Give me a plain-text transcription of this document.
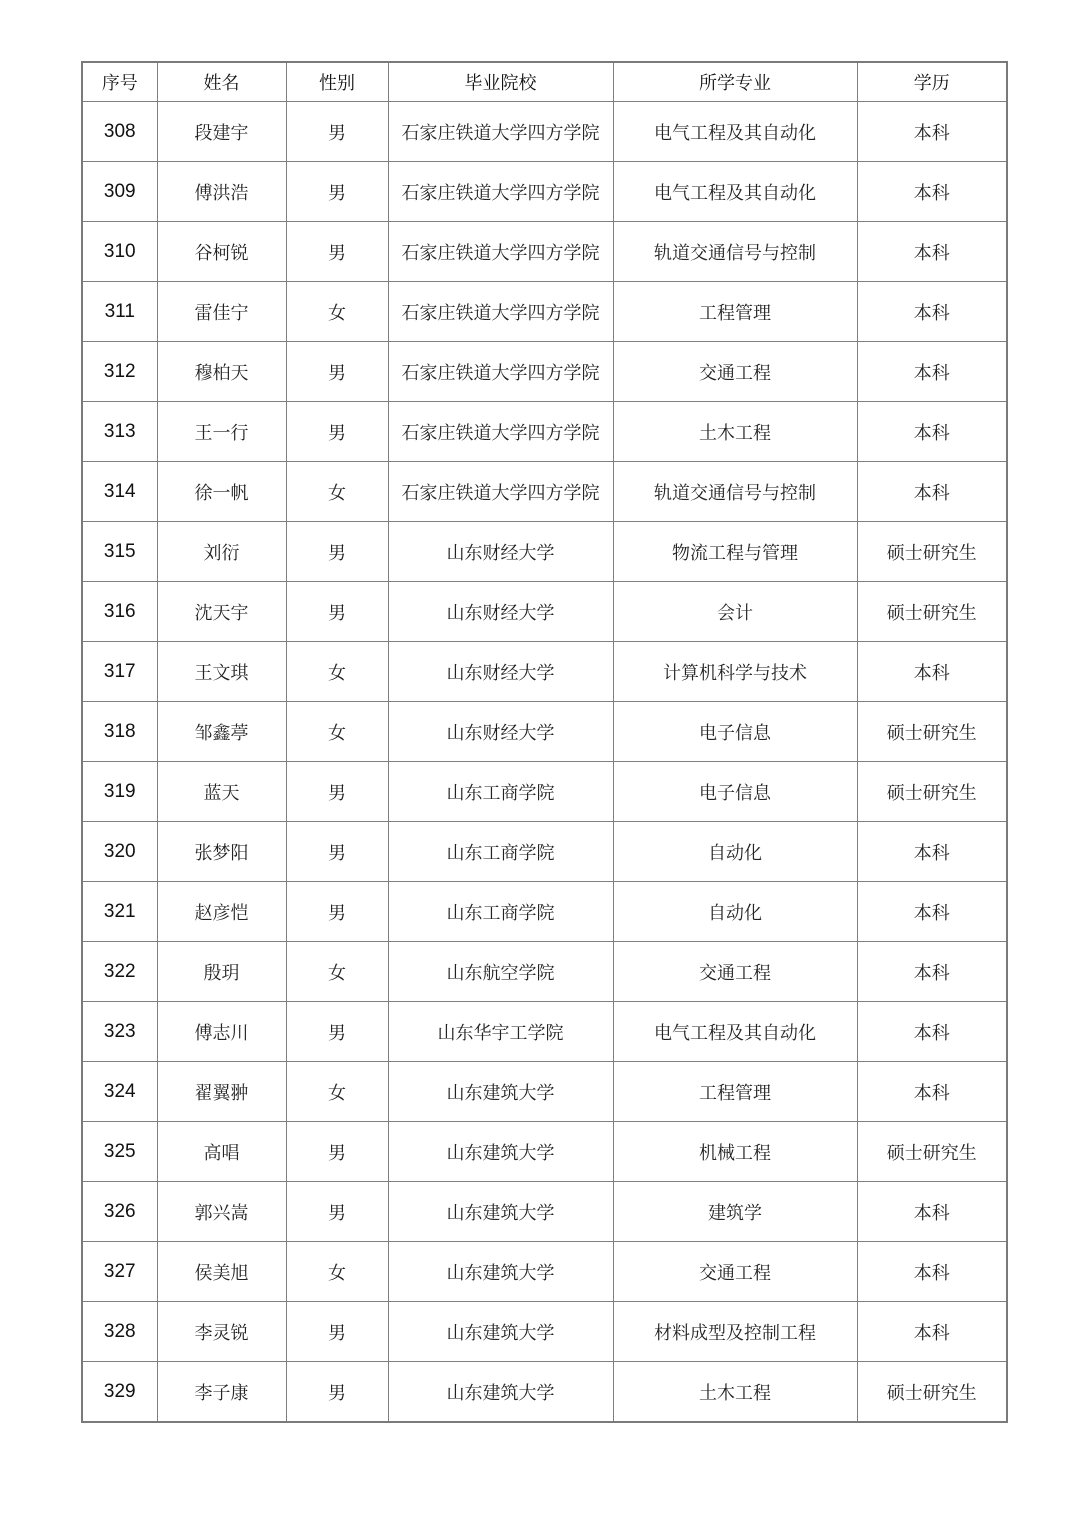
序号	姓名	性别	毕业院校	所学专业	学历
308	段建宇	男	石家庄铁道大学四方学院	电气工程及其自动化	本科
309	傅洪浩	男	石家庄铁道大学四方学院	电气工程及其自动化	本科
310	谷柯锐	男	石家庄铁道大学四方学院	轨道交通信号与控制	本科
311	雷佳宁	女	石家庄铁道大学四方学院	工程管理	本科
312	穆柏天	男	石家庄铁道大学四方学院	交通工程	本科
313	王一行	男	石家庄铁道大学四方学院	土木工程	本科
314	徐一帆	女	石家庄铁道大学四方学院	轨道交通信号与控制	本科
315	刘衍	男	山东财经大学	物流工程与管理	硕士研究生
316	沈天宇	男	山东财经大学	会计	硕士研究生
317	王文琪	女	山东财经大学	计算机科学与技术	本科
318	邹鑫葶	女	山东财经大学	电子信息	硕士研究生
319	蓝天	男	山东工商学院	电子信息	硕士研究生
320	张梦阳	男	山东工商学院	自动化	本科
321	赵彦恺	男	山东工商学院	自动化	本科
322	殷玥	女	山东航空学院	交通工程	本科
323	傅志川	男	山东华宇工学院	电气工程及其自动化	本科
324	翟翼翀	女	山东建筑大学	工程管理	本科
325	高唱	男	山东建筑大学	机械工程	硕士研究生
326	郭兴嵩	男	山东建筑大学	建筑学	本科
327	侯美旭	女	山东建筑大学	交通工程	本科
328	李灵锐	男	山东建筑大学	材料成型及控制工程	本科
329	李子康	男	山东建筑大学	土木工程	硕士研究生
